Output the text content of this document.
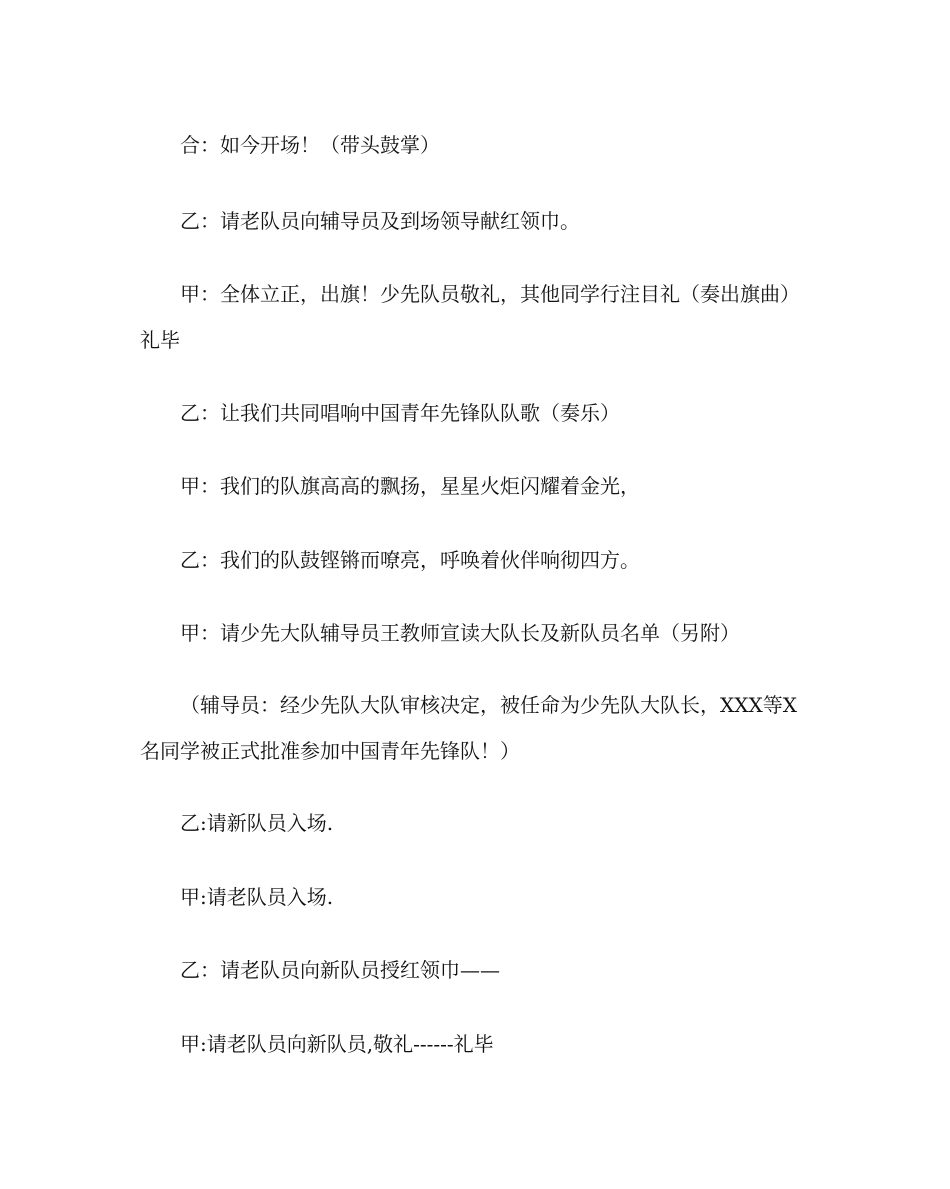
合：如今开场！（带头鼓掌）

乙：请老队员向辅导员及到场领导献红领巾。

甲：全体立正，出旗！少先队员敬礼，其他同学行注目礼（奏出旗曲）礼毕

乙：让我们共同唱响中国青年先锋队队歌（奏乐）

甲：我们的队旗高高的飘扬，星星火炬闪耀着金光，

乙：我们的队鼓铿锵而嘹亮，呼唤着伙伴响彻四方。

甲：请少先大队辅导员王教师宣读大队长及新队员名单（另附）

（辅导员：经少先队大队审核决定，被任命为少先队大队长，XXX等X名同学被正式批准参加中国青年先锋队！）

乙:请新队员入场.

甲:请老队员入场.

乙：请老队员向新队员授红领巾——

甲:请老队员向新队员,敬礼------礼毕
